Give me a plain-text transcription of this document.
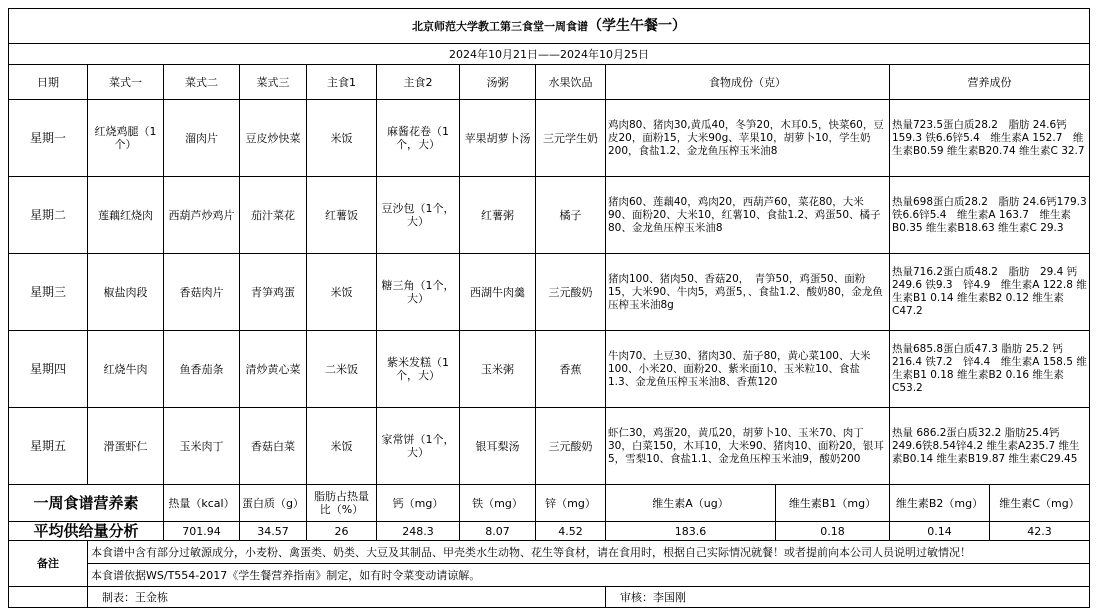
北京师范大学教工第三食堂一周食谱（学生午餐一）											
2024年10月21日——2024年10月25日											
日期	菜式一	菜式二	菜式三	主食1	主食2	汤粥	水果饮品	食物成份（克）		营养成份	
星期一	红烧鸡腿（1个）	溜肉片	豆皮炒快菜	米饭	麻酱花卷（1个，大）	苹果胡萝卜汤	三元学生奶	鸡肉80、猪肉30,黄瓜40，冬笋20，木耳0.5，快菜60，豆皮20，面粉15，大米90g、苹果10，胡萝卜10，学生奶200，食盐1.2、金龙鱼压榨玉米油8		热量723.5蛋白质28.2　脂肪 24.6钙159.3 铁6.6锌5.4　维生素A 152.7　维生素B0.59 维生素B20.74 维生素C 32.7	
星期二	莲藕红烧肉	西葫芦炒鸡片	茄汁菜花	红薯饭	豆沙包（1个，大）	红薯粥	橘子	猪肉60、莲藕40，鸡肉20，西葫芦60，菜花80，大米90、面粉20、大米10，红薯10、食盐1.2、鸡蛋50、橘子80、金龙鱼压榨玉米油8		热量698蛋白质28.2　脂肪 24.6钙179.3 铁6.6锌5.4　维生素A 163.7　维生素B0.35 维生素B18.63 维生素C 29.3	
星期三	椒盐肉段	香菇肉片	青笋鸡蛋	米饭	糖三角（1个，大）	西湖牛肉羹	三元酸奶	猪肉100、猪肉50、香菇20，　青笋50，鸡蛋50、面粉15，大米90、牛肉5，鸡蛋5，、食盐1.2、酸奶80，金龙鱼压榨玉米油8g		热量716.2蛋白质48.2　脂肪　29.4 钙249.6 铁9.3　锌4.9　维生素A 122.8 维生素B1 0.14 维生素B2 0.12 维生素C47.2	
星期四	红烧牛肉	鱼香茄条	清炒黄心菜	二米饭	紫米发糕（1个，大）	玉米粥	香蕉	牛肉70、土豆30、猪肉30、茄子80，黄心菜100、大米100、小米20、面粉20、紫米面10、玉米粒10、食盐1.3、金龙鱼压榨玉米油8、香蕉120		热量685.8蛋白质47.3 脂肪 25.2 钙216.4 铁7.2　锌4.4　维生素A 158.5 维生素B1 0.18 维生素B2 0.16 维生素C53.2	
星期五	滑蛋虾仁	玉米肉丁	香菇白菜	米饭	家常饼（1个，大）	银耳梨汤	三元酸奶	虾仁30，鸡蛋20，黄瓜20，胡萝卜10、玉米70、肉丁30，白菜150，木耳10，大米90、猪肉10、面粉20，银耳5，雪梨10、食盐1.1、金龙鱼压榨玉米油9，酸奶200		热量 686.2蛋白质32.2 脂肪25.4钙249.6铁8.54锌4.2 维生素A235.7 维生素B0.14 维生素B19.87 维生素C29.45	
一周食谱营养素		热量（kcal）	蛋白质（g）	脂肪占热量比（%）	钙（mg）	铁（mg）	锌（mg）	维生素A（ug）	维生素B1（mg）	维生素B2（mg）	维生素C（mg）
平均供给量分析		701.94	34.57	26	248.3	8.07	4.52	183.6	0.18	0.14	42.3
备注	本食谱中含有部分过敏源成分，小麦粉、禽蛋类、奶类、大豆及其制品、甲壳类水生动物、花生等食材，请在食用时，根据自己实际情况就餐！或者提前向本公司人员说明过敏情况！										
	本食谱依据WS/T554-2017《学生餐营养指南》制定，如有时令菜变动请谅解。										
	制表：王金栋							审核：李国刚			
